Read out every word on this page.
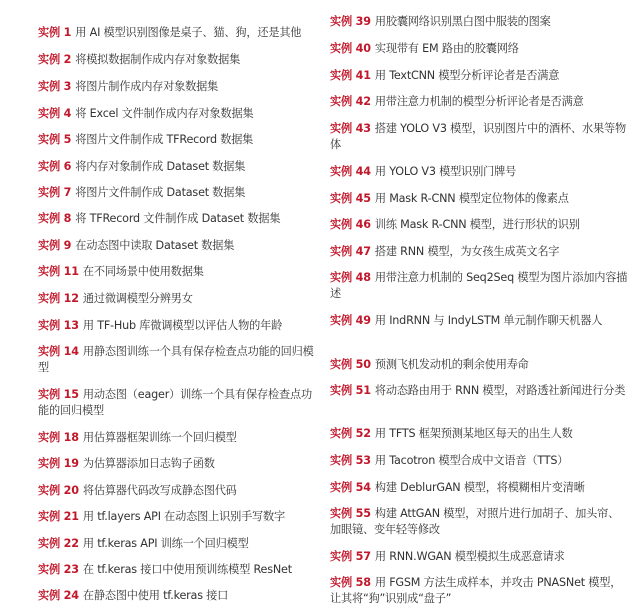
实例 1 用 AI 模型识别图像是桌子、猫、狗，还是其他
实例 2 将模拟数据制作成内存对象数据集
实例 3 将图片制作成内存对象数据集
实例 4 将 Excel 文件制作成内存对象数据集
实例 5 将图片文件制作成 TFRecord 数据集
实例 6 将内存对象制作成 Dataset 数据集
实例 7 将图片文件制作成 Dataset 数据集
实例 8 将 TFRecord 文件制作成 Dataset 数据集
实例 9 在动态图中读取 Dataset 数据集
实例 11 在不同场景中使用数据集
实例 12 通过微调模型分辨男女
实例 13 用 TF-Hub 库微调模型以评估人物的年龄
实例 14 用静态图训练一个具有保存检查点功能的回归模型
实例 15 用动态图（eager）训练一个具有保存检查点功能的回归模型
实例 18 用估算器框架训练一个回归模型
实例 19 为估算器添加日志钩子函数
实例 20 将估算器代码改写成静态图代码
实例 21 用 tf.layers API 在动态图上识别手写数字
实例 22 用 tf.keras API 训练一个回归模型
实例 23 在 tf.keras 接口中使用预训练模型 ResNet
实例 24 在静态图中使用 tf.keras 接口
实例 39 用胶囊网络识别黑白图中服装的图案
实例 40 实现带有 EM 路由的胶囊网络
实例 41 用 TextCNN 模型分析评论者是否满意
实例 42 用带注意力机制的模型分析评论者是否满意
实例 43 搭建 YOLO V3 模型，识别图片中的酒杯、水果等物体
实例 44 用 YOLO V3 模型识别门牌号
实例 45 用 Mask R-CNN 模型定位物体的像素点
实例 46 训练 Mask R-CNN 模型，进行形状的识别
实例 47 搭建 RNN 模型，为女孩生成英文名字
实例 48 用带注意力机制的 Seq2Seq 模型为图片添加内容描述
实例 49 用 IndRNN 与 IndyLSTM 单元制作聊天机器人
实例 50 预测飞机发动机的剩余使用寿命
实例 51 将动态路由用于 RNN 模型，对路透社新闻进行分类
实例 52 用 TFTS 框架预测某地区每天的出生人数
实例 53 用 Tacotron 模型合成中文语音（TTS）
实例 54 构建 DeblurGAN 模型，将模糊相片变清晰
实例 55 构建 AttGAN 模型，对照片进行加胡子、加头帘、加眼镜、变年轻等修改
实例 57 用 RNN.WGAN 模型模拟生成恶意请求
实例 58 用 FGSM 方法生成样本，并攻击 PNASNet 模型，让其将“狗”识别成“盘子”
